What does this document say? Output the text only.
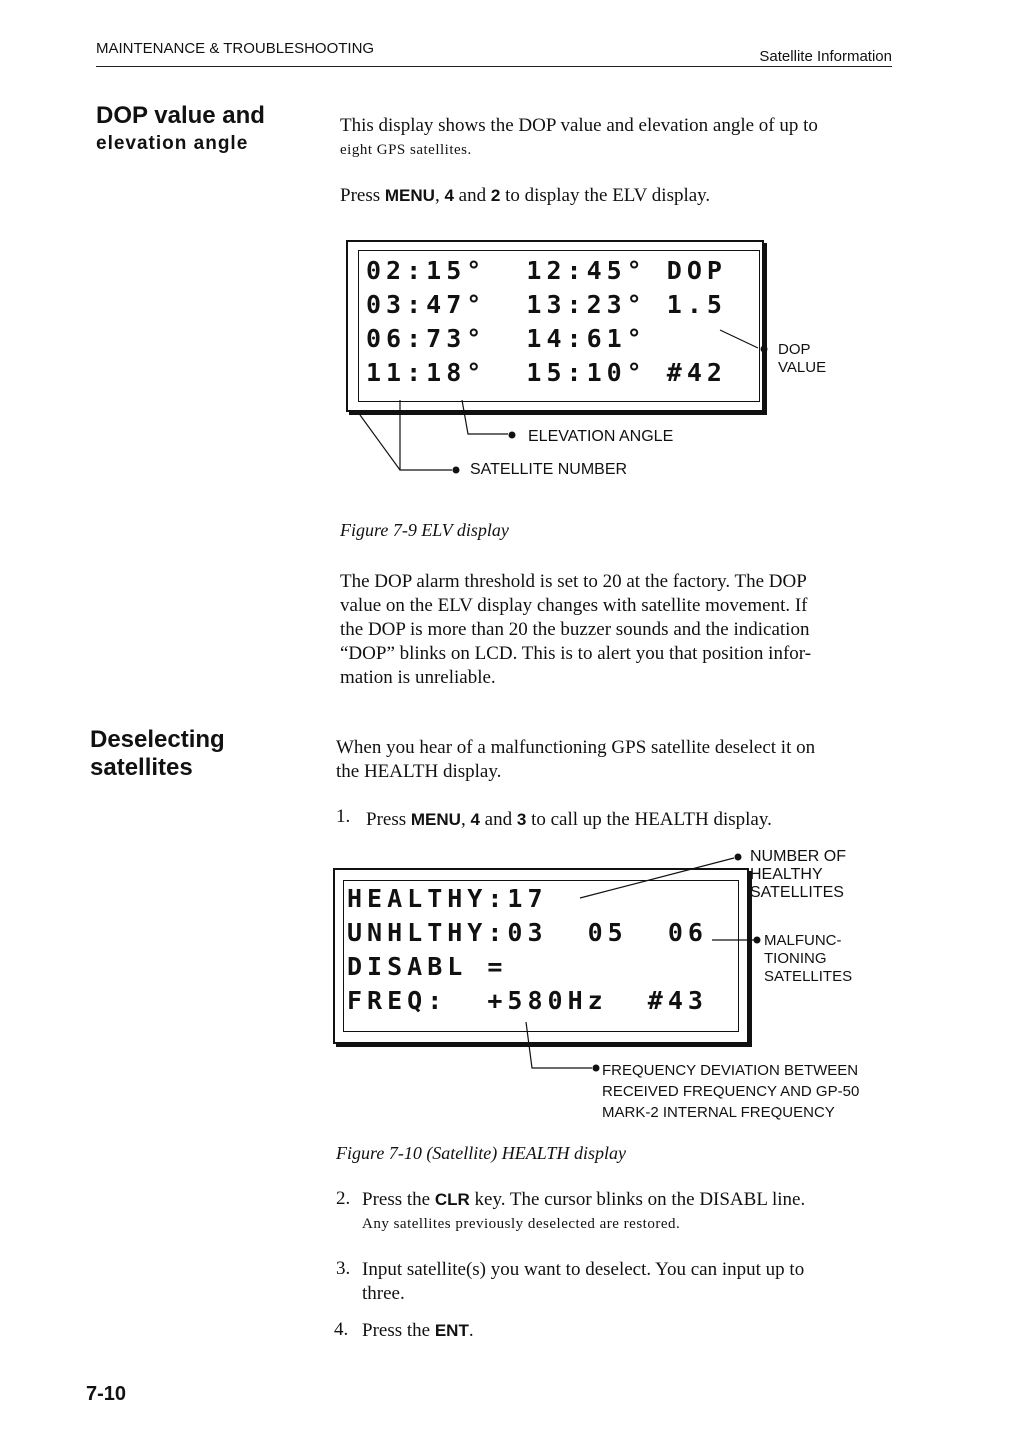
MAINTENANCE & TROUBLESHOOTING	Satellite Information
DOP value and
elevation angle
This display shows the DOP value and elevation angle of up to
eight GPS satellites.
Press MENU, 4 and 2 to display the ELV display.
02:15°  12:45° DOP
03:47°  13:23° 1.5
06:73°  14:61°
11:18°  15:10° #42
DOP
VALUE
ELEVATION ANGLE
SATELLITE NUMBER
Figure 7-9 ELV display
The DOP alarm threshold is set to 20 at the factory. The DOP
value on the ELV display changes with satellite movement. If
the DOP is more than 20 the buzzer sounds and the indication
“DOP” blinks on LCD. This is to alert you that position infor-
mation is unreliable.
Deselecting
satellites
When you hear of a malfunctioning GPS satellite deselect it on
the HEALTH display.
1. Press MENU, 4 and 3 to call up the HEALTH display.
HEALTHY:17
UNHLTHY:03  05  06
DISABL =
FREQ:  +580Hz  #43
NUMBER OF
HEALTHY
SATELLITES
MALFUNC-
TIONING
SATELLITES
FREQUENCY DEVIATION BETWEEN
RECEIVED FREQUENCY AND GP-50
MARK-2 INTERNAL FREQUENCY
Figure 7-10 (Satellite) HEALTH display
2. Press the CLR key. The cursor blinks on the DISABL line.
Any satellites previously deselected are restored.
3. Input satellite(s) you want to deselect. You can input up to
three.
4. Press the ENT.
7-10
